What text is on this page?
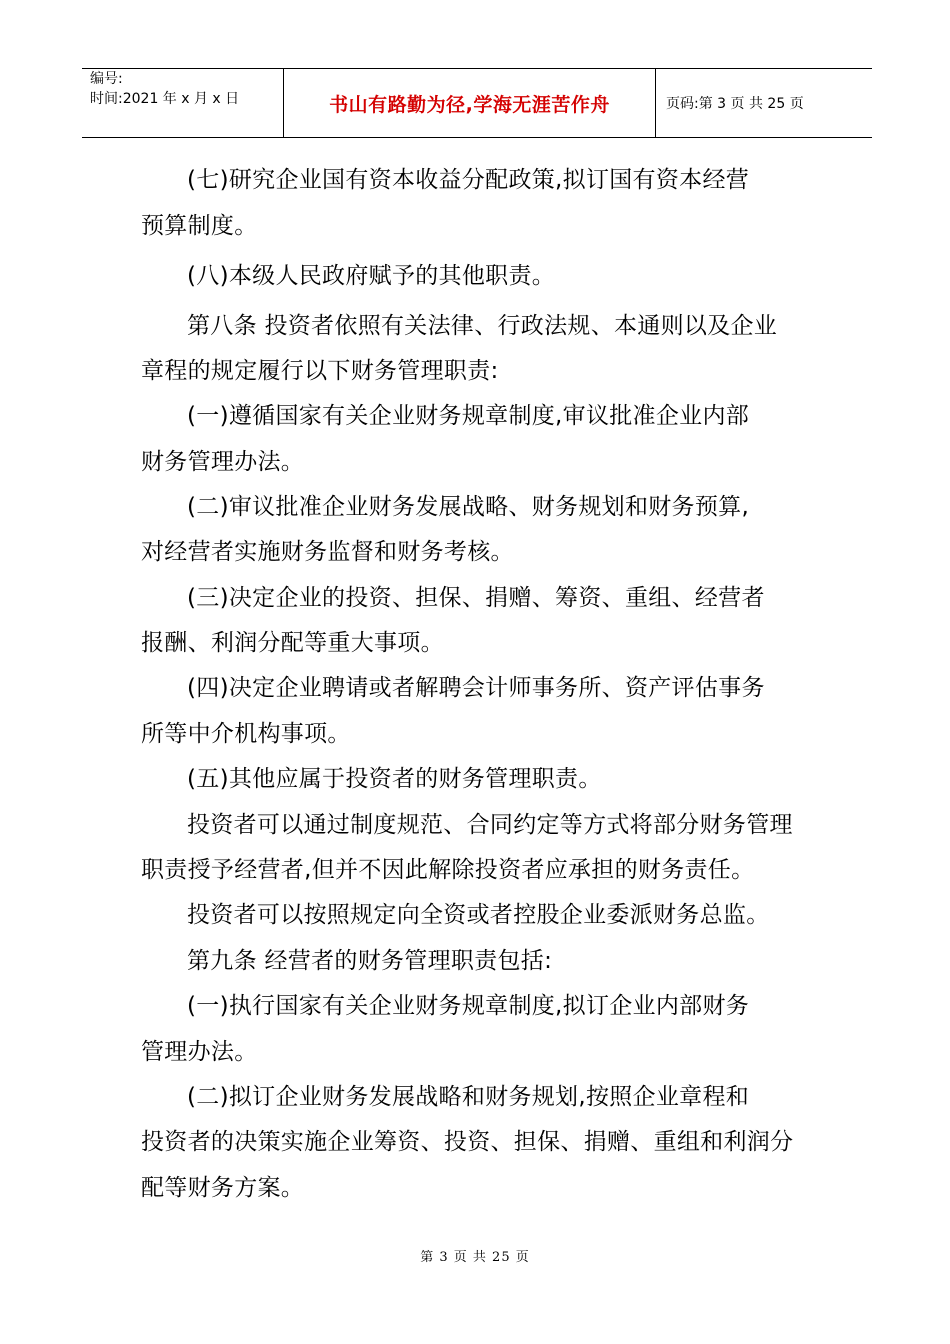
编号:
时间:2021 年 x 月 x 日	书山有路勤为径,学海无涯苦作舟	页码:第 3 页 共 25 页
(七)研究企业国有资本收益分配政策,拟订国有资本经营
预算制度。
(八)本级人民政府赋予的其他职责。
第八条 投资者依照有关法律、行政法规、本通则以及企业
章程的规定履行以下财务管理职责:
(一)遵循国家有关企业财务规章制度,审议批准企业内部
财务管理办法。
(二)审议批准企业财务发展战略、财务规划和财务预算,
对经营者实施财务监督和财务考核。
(三)决定企业的投资、担保、捐赠、筹资、重组、经营者
报酬、利润分配等重大事项。
(四)决定企业聘请或者解聘会计师事务所、资产评估事务
所等中介机构事项。
(五)其他应属于投资者的财务管理职责。
投资者可以通过制度规范、合同约定等方式将部分财务管理
职责授予经营者,但并不因此解除投资者应承担的财务责任。
投资者可以按照规定向全资或者控股企业委派财务总监。
第九条 经营者的财务管理职责包括:
(一)执行国家有关企业财务规章制度,拟订企业内部财务
管理办法。
(二)拟订企业财务发展战略和财务规划,按照企业章程和
投资者的决策实施企业筹资、投资、担保、捐赠、重组和利润分
配等财务方案。
第 3 页 共 25 页
